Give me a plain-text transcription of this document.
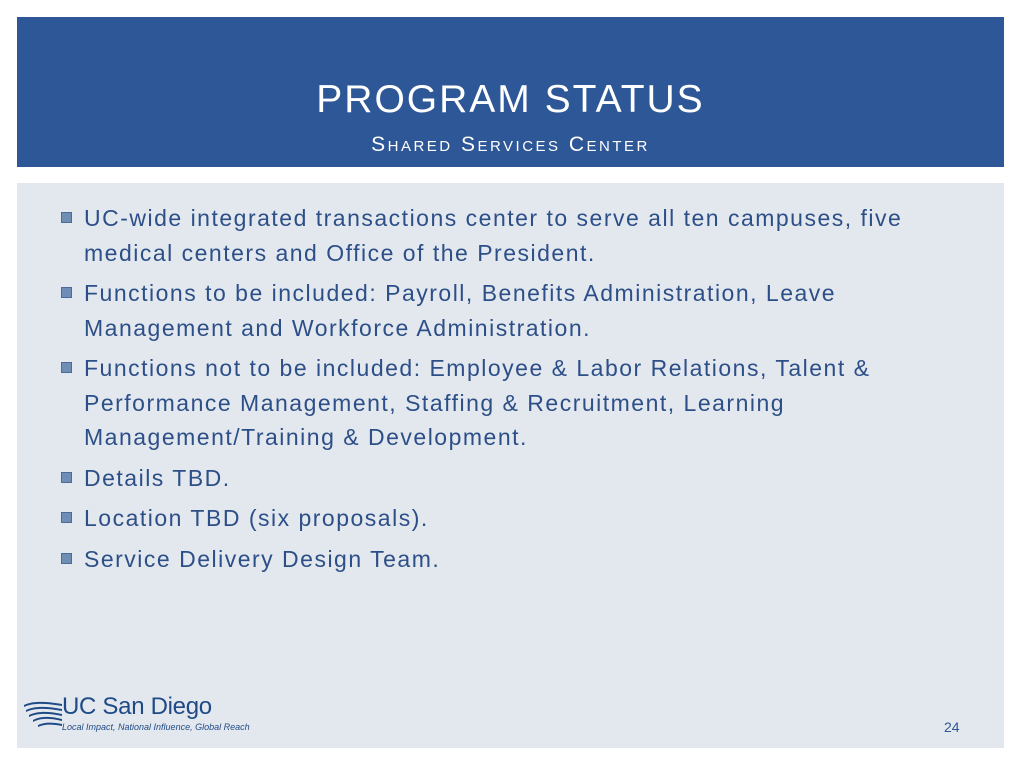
PROGRAM STATUS
Shared Services Center
UC-wide integrated transactions center to serve all ten campuses, five medical centers and Office of the President.
Functions to be included: Payroll, Benefits Administration, Leave Management and Workforce Administration.
Functions not to be included: Employee & Labor Relations, Talent & Performance Management, Staffing & Recruitment, Learning Management/Training & Development.
Details TBD.
Location TBD (six proposals).
Service Delivery Design Team.
UC San Diego
Local Impact, National Influence, Global Reach	24
